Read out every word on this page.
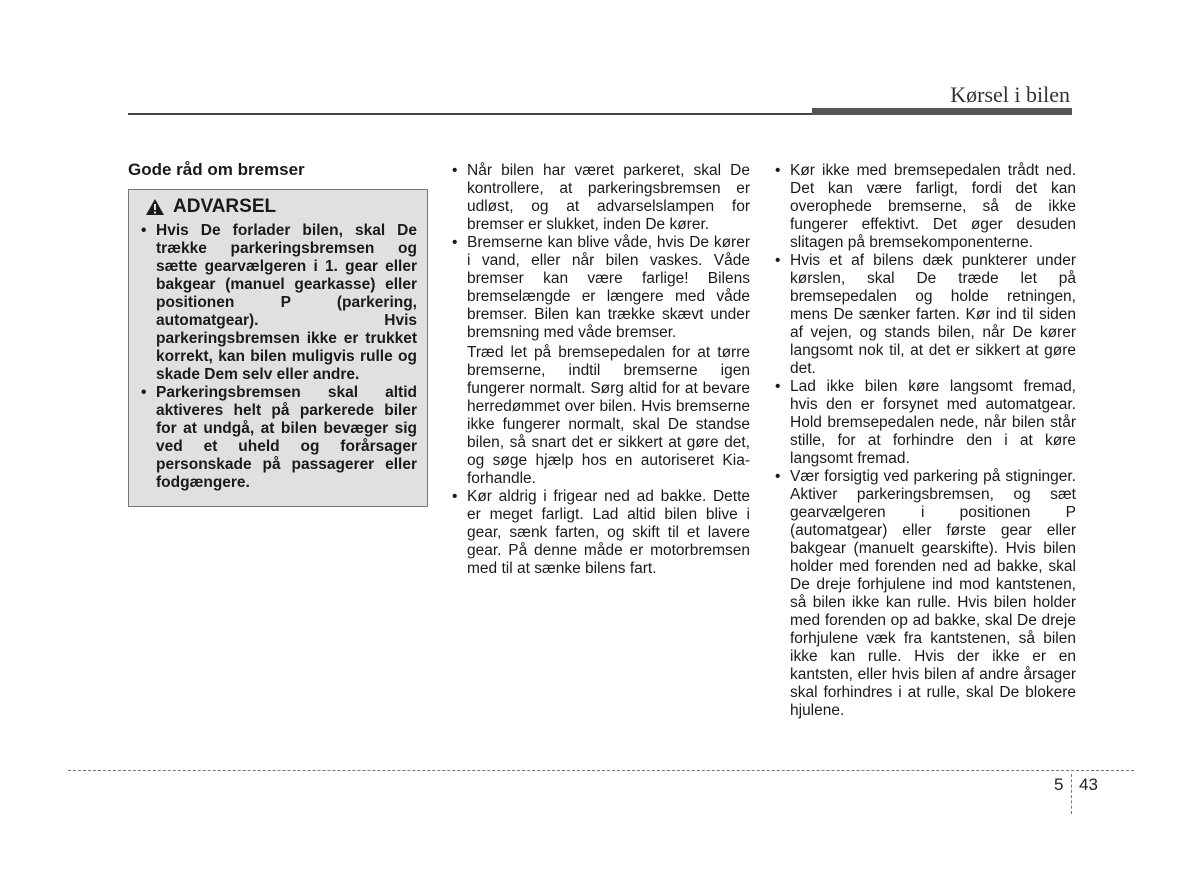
Kørsel i bilen
Gode råd om bremser
ADVARSEL

• Hvis De forlader bilen, skal De trække parkeringsbremsen og sætte gearvælgeren i 1. gear eller bakgear (manuel gearkasse) eller positionen P (parkering, automatgear). Hvis parkeringsbremsen ikke er trukket korrekt, kan bilen muligvis rulle og skade Dem selv eller andre.

• Parkeringsbremsen skal altid aktiveres helt på parkerede biler for at undgå, at bilen bevæger sig ved et uheld og forårsager personskade på passagerer eller fodgængere.

• Når bilen har været parkeret, skal De kontrollere, at parkeringsbremsen er udløst, og at advarselslampen for bremser er slukket, inden De kører.

• Bremserne kan blive våde, hvis De kører i vand, eller når bilen vaskes. Våde bremser kan være farlige! Bilens bremselængde er længere med våde bremser. Bilen kan trække skævt under bremsning med våde bremser.

Træd let på bremsepedalen for at tørre bremserne, indtil bremserne igen fungerer normalt. Sørg altid for at bevare herredømmet over bilen. Hvis bremserne ikke fungerer normalt, skal De standse bilen, så snart det er sikkert at gøre det, og søge hjælp hos en autoriseret Kia-forhandle.

• Kør aldrig i frigear ned ad bakke. Dette er meget farligt. Lad altid bilen blive i gear, sænk farten, og skift til et lavere gear. På denne måde er motorbremsen med til at sænke bilens fart.

• Kør ikke med bremsepedalen trådt ned. Det kan være farligt, fordi det kan overophede bremserne, så de ikke fungerer effektivt. Det øger desuden slitagen på bremsekomponenterne.

• Hvis et af bilens dæk punkterer under kørslen, skal De træde let på bremsepedalen og holde retningen, mens De sænker farten. Kør ind til siden af vejen, og stands bilen, når De kører langsomt nok til, at det er sikkert at gøre det.

• Lad ikke bilen køre langsomt fremad, hvis den er forsynet med automatgear. Hold bremsepedalen nede, når bilen står stille, for at forhindre den i at køre langsomt fremad.

• Vær forsigtig ved parkering på stigninger. Aktiver parkeringsbremsen, og sæt gearvælgeren i positionen P (automatgear) eller første gear eller bakgear (manuelt gearskifte). Hvis bilen holder med forenden ned ad bakke, skal De dreje forhjulene ind mod kantstenen, så bilen ikke kan rulle. Hvis bilen holder med forenden op ad bakke, skal De dreje forhjulene væk fra kantstenen, så bilen ikke kan rulle. Hvis der ikke er en kantsten, eller hvis bilen af andre årsager skal forhindres i at rulle, skal De blokere hjulene.

5 43
